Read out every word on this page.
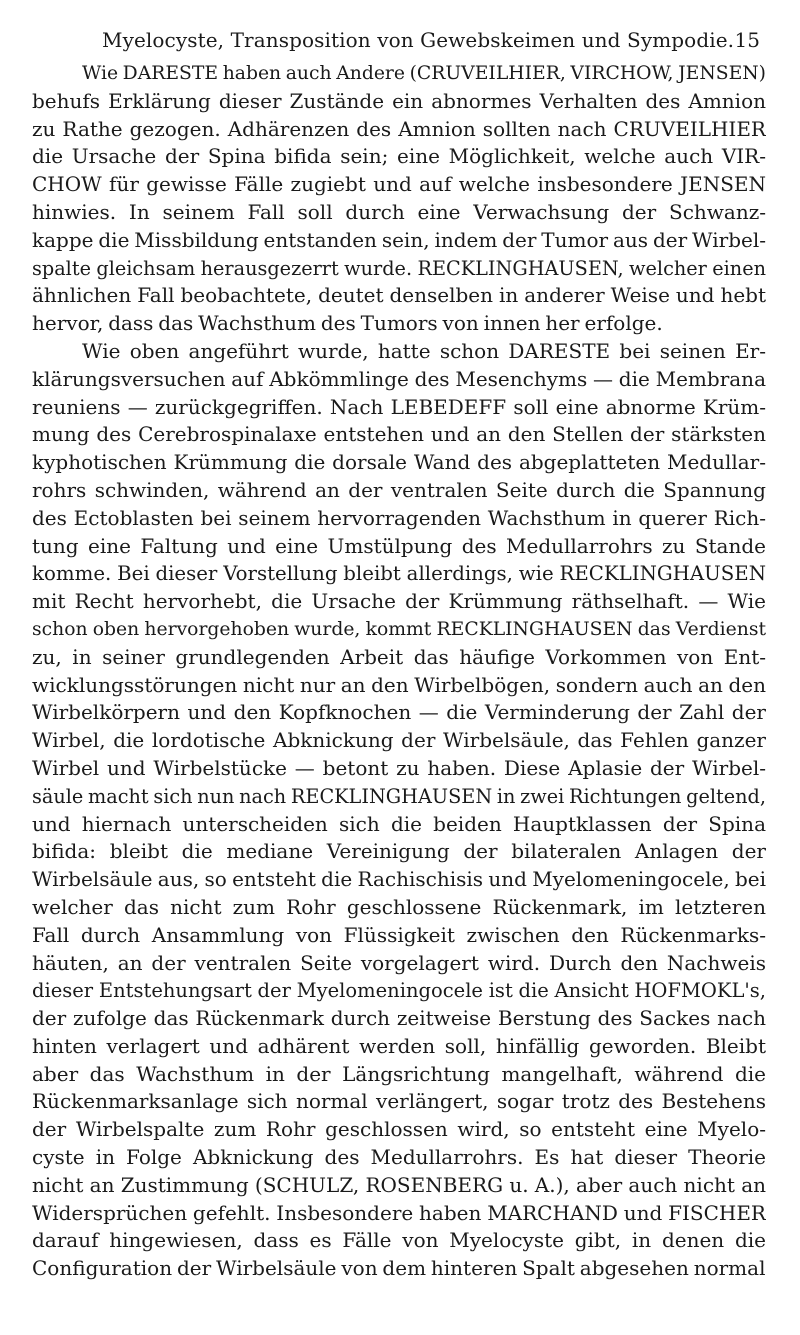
Myelocyste, Transposition von Gewebskeimen und Sympodie. 15
Wie DARESTE haben auch Andere (CRUVEILHIER, VIRCHOW, JENSEN)
behufs Erklärung dieser Zustände ein abnormes Verhalten des Amnion
zu Rathe gezogen. Adhärenzen des Amnion sollten nach CRUVEILHIER
die Ursache der Spina bifida sein; eine Möglichkeit, welche auch VIR-
CHOW für gewisse Fälle zugiebt und auf welche insbesondere JENSEN
hinwies. In seinem Fall soll durch eine Verwachsung der Schwanz-
kappe die Missbildung entstanden sein, indem der Tumor aus der Wirbel-
spalte gleichsam herausgezerrt wurde. RECKLINGHAUSEN, welcher einen
ähnlichen Fall beobachtete, deutet denselben in anderer Weise und hebt
hervor, dass das Wachsthum des Tumors von innen her erfolge.
Wie oben angeführt wurde, hatte schon DARESTE bei seinen Er-
klärungsversuchen auf Abkömmlinge des Mesenchyms — die Membrana
reuniens — zurückgegriffen. Nach LEBEDEFF soll eine abnorme Krüm-
mung des Cerebrospinalaxe entstehen und an den Stellen der stärksten
kyphotischen Krümmung die dorsale Wand des abgeplatteten Medullar-
rohrs schwinden, während an der ventralen Seite durch die Spannung
des Ectoblasten bei seinem hervorragenden Wachsthum in querer Rich-
tung eine Faltung und eine Umstülpung des Medullarrohrs zu Stande
komme. Bei dieser Vorstellung bleibt allerdings, wie RECKLINGHAUSEN
mit Recht hervorhebt, die Ursache der Krümmung räthselhaft. — Wie
schon oben hervorgehoben wurde, kommt RECKLINGHAUSEN das Verdienst
zu, in seiner grundlegenden Arbeit das häufige Vorkommen von Ent-
wicklungsstörungen nicht nur an den Wirbelbögen, sondern auch an den
Wirbelkörpern und den Kopfknochen — die Verminderung der Zahl der
Wirbel, die lordotische Abknickung der Wirbelsäule, das Fehlen ganzer
Wirbel und Wirbelstücke — betont zu haben. Diese Aplasie der Wirbel-
säule macht sich nun nach RECKLINGHAUSEN in zwei Richtungen geltend,
und hiernach unterscheiden sich die beiden Hauptklassen der Spina
bifida: bleibt die mediane Vereinigung der bilateralen Anlagen der
Wirbelsäule aus, so entsteht die Rachischisis und Myelomeningocele, bei
welcher das nicht zum Rohr geschlossene Rückenmark, im letzteren
Fall durch Ansammlung von Flüssigkeit zwischen den Rückenmarks-
häuten, an der ventralen Seite vorgelagert wird. Durch den Nachweis
dieser Entstehungsart der Myelomeningocele ist die Ansicht HOFMOKL's,
der zufolge das Rückenmark durch zeitweise Berstung des Sackes nach
hinten verlagert und adhärent werden soll, hinfällig geworden. Bleibt
aber das Wachsthum in der Längsrichtung mangelhaft, während die
Rückenmarksanlage sich normal verlängert, sogar trotz des Bestehens
der Wirbelspalte zum Rohr geschlossen wird, so entsteht eine Myelo-
cyste in Folge Abknickung des Medullarrohrs. Es hat dieser Theorie
nicht an Zustimmung (SCHULZ, ROSENBERG u. A.), aber auch nicht an
Widersprüchen gefehlt. Insbesondere haben MARCHAND und FISCHER
darauf hingewiesen, dass es Fälle von Myelocyste gibt, in denen die
Configuration der Wirbelsäule von dem hinteren Spalt abgesehen normal
